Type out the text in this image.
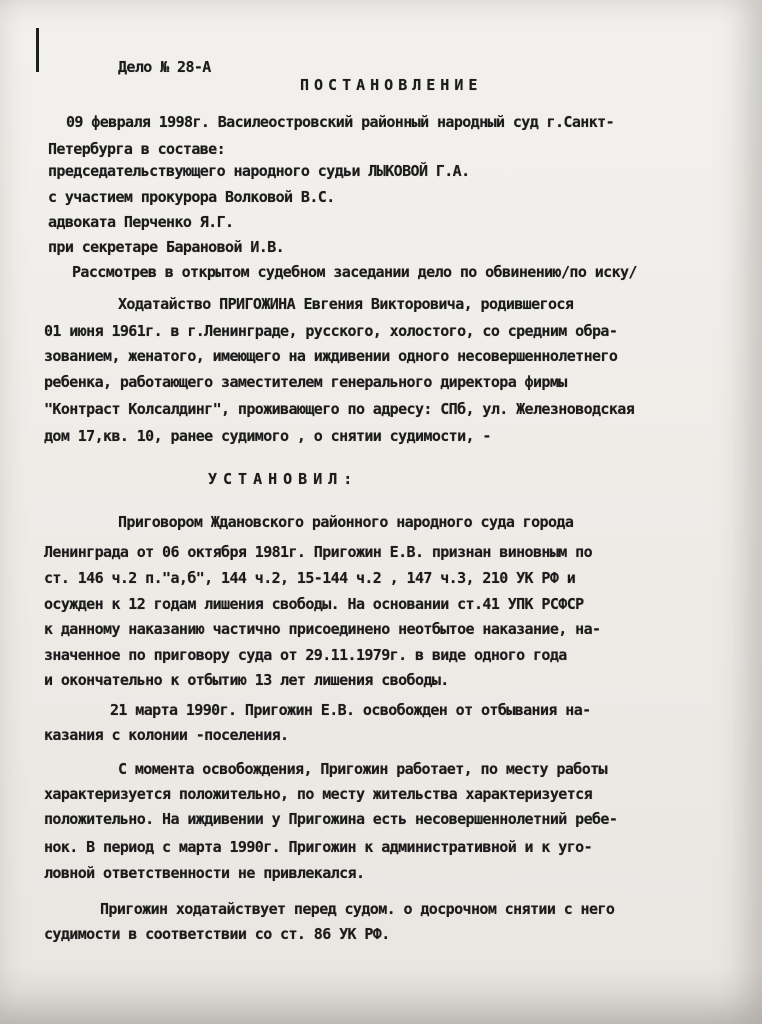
Дело № 28-А
ПОСТАНОВЛЕНИЕ
09 февраля 1998г. Василеостровский районный народный суд г.Санкт-
Петербурга в составе:
председательствующего народного судьи ЛЫКОВОЙ Г.А.
с участием прокурора Волковой В.С.
адвоката Перченко Я.Г.
при секретаре Барановой И.В.
Рассмотрев в открытом судебном заседании дело по обвинению/по иску/
Ходатайство ПРИГОЖИНА Евгения Викторовича, родившегося
01 июня 1961г. в г.Ленинграде, русского, холостого, со средним обра-
зованием, женатого, имеющего на иждивении одного несовершеннолетнего
ребенка, работающего заместителем генерального директора фирмы
"Контраст Колсалдинг", проживающего по адресу: СПб, ул. Железноводская
дом 17,кв. 10, ранее судимого , о снятии судимости, -
УСТАНОВИЛ:
Приговором Ждановского районного народного суда города
Ленинграда от 06 октября 1981г. Пригожин Е.В. признан виновным по
ст. 146 ч.2 п."а,б", 144 ч.2, 15-144 ч.2 , 147 ч.3, 210 УК РФ и
осужден к 12 годам лишения свободы. На основании ст.41 УПК РСФСР
к данному наказанию частично присоединено неотбытое наказание, на-
значенное по приговору суда от 29.11.1979г. в виде одного года
и окончательно к отбытию 13 лет лишения свободы.
21 марта 1990г. Пригожин Е.В. освобожден от отбывания на-
казания с колонии -поселения.
С момента освобождения, Пригожин работает, по месту работы
характеризуется положительно, по месту жительства характеризуется
положительно. На иждивении у Пригожина есть несовершеннолетний ребе-
нок. В период с марта 1990г. Пригожин к административной и к уго-
ловной ответственности не привлекался.
Пригожин ходатайствует перед судом. о досрочном снятии с него
судимости в соответствии со ст. 86 УК РФ.
